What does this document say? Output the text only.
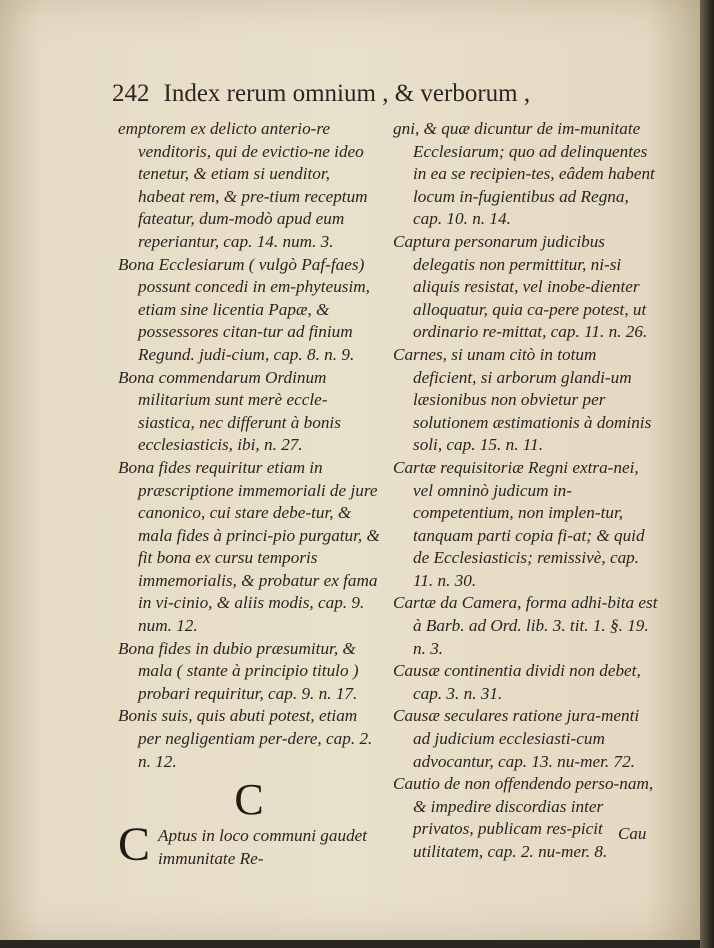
242 Index rerum omnium , & verborum ,
emptorem ex delicto anterio-re venditoris, qui de evictio-ne ideo tenetur, & etiam si uenditor, habeat rem, & pre-tium receptum fateatur, dum-modò apud eum reperiantur, cap. 14. num. 3.
Bona Ecclesiarum ( vulgò Paf-faes) possunt concedi in em-phyteusim, etiam sine licentia Papæ, & possessores citan-tur ad finium Regund. judi-cium, cap. 8. n. 9.
Bona commendarum Ordinum militarium sunt merè eccle-siastica, nec differunt à bonis ecclesiasticis, ibi, n. 27.
Bona fides requiritur etiam in præscriptione immemoriali de jure canonico, cui stare debe-tur, & mala fides à princi-pio purgatur, & fit bona ex cursu temporis immemorialis, & probatur ex fama in vi-cinio, & aliis modis, cap. 9. num. 12.
Bona fides in dubio præsumitur, & mala ( stante à principio titulo ) probari requiritur, cap. 9. n. 17.
Bonis suis, quis abuti potest, etiam per negligentiam per-dere, cap. 2. n. 12.
C
C Aptus in loco communi gaudet immunitate Re-
gni, & quæ dicuntur de im-munitate Ecclesiarum; quo ad delinquentes in ea se recipien-tes, eâdem habent locum in-fugientibus ad Regna, cap. 10. n. 14.
Captura personarum judicibus delegatis non permittitur, ni-si aliquis resistat, vel inobe-dienter alloquatur, quia ca-pere potest, ut ordinario re-mittat, cap. 11. n. 26.
Carnes, si unam citò in totum deficient, si arborum glandi-um læsionibus non obvietur per solutionem æstimationis à dominis soli, cap. 15. n. 11.
Cartæ requisitoriæ Regni extra-nei, vel omninò judicum in-competentium, non implen-tur, tanquam parti copia fi-at; & quid de Ecclesiasticis; remissivè, cap. 11. n. 30.
Cartæ da Camera, forma adhi-bita est à Barb. ad Ord. lib. 3. tit. 1. §. 19. n. 3.
Causæ continentia dividi non debet, cap. 3. n. 31.
Causæ seculares ratione jura-menti ad judicium ecclesiasti-cum advocantur, cap. 13. nu-mer. 72.
Cautio de non offendendo perso-nam, & impedire discordias inter privatos, publicam res-picit utilitatem, cap. 2. nu-mer. 8.
Cau
